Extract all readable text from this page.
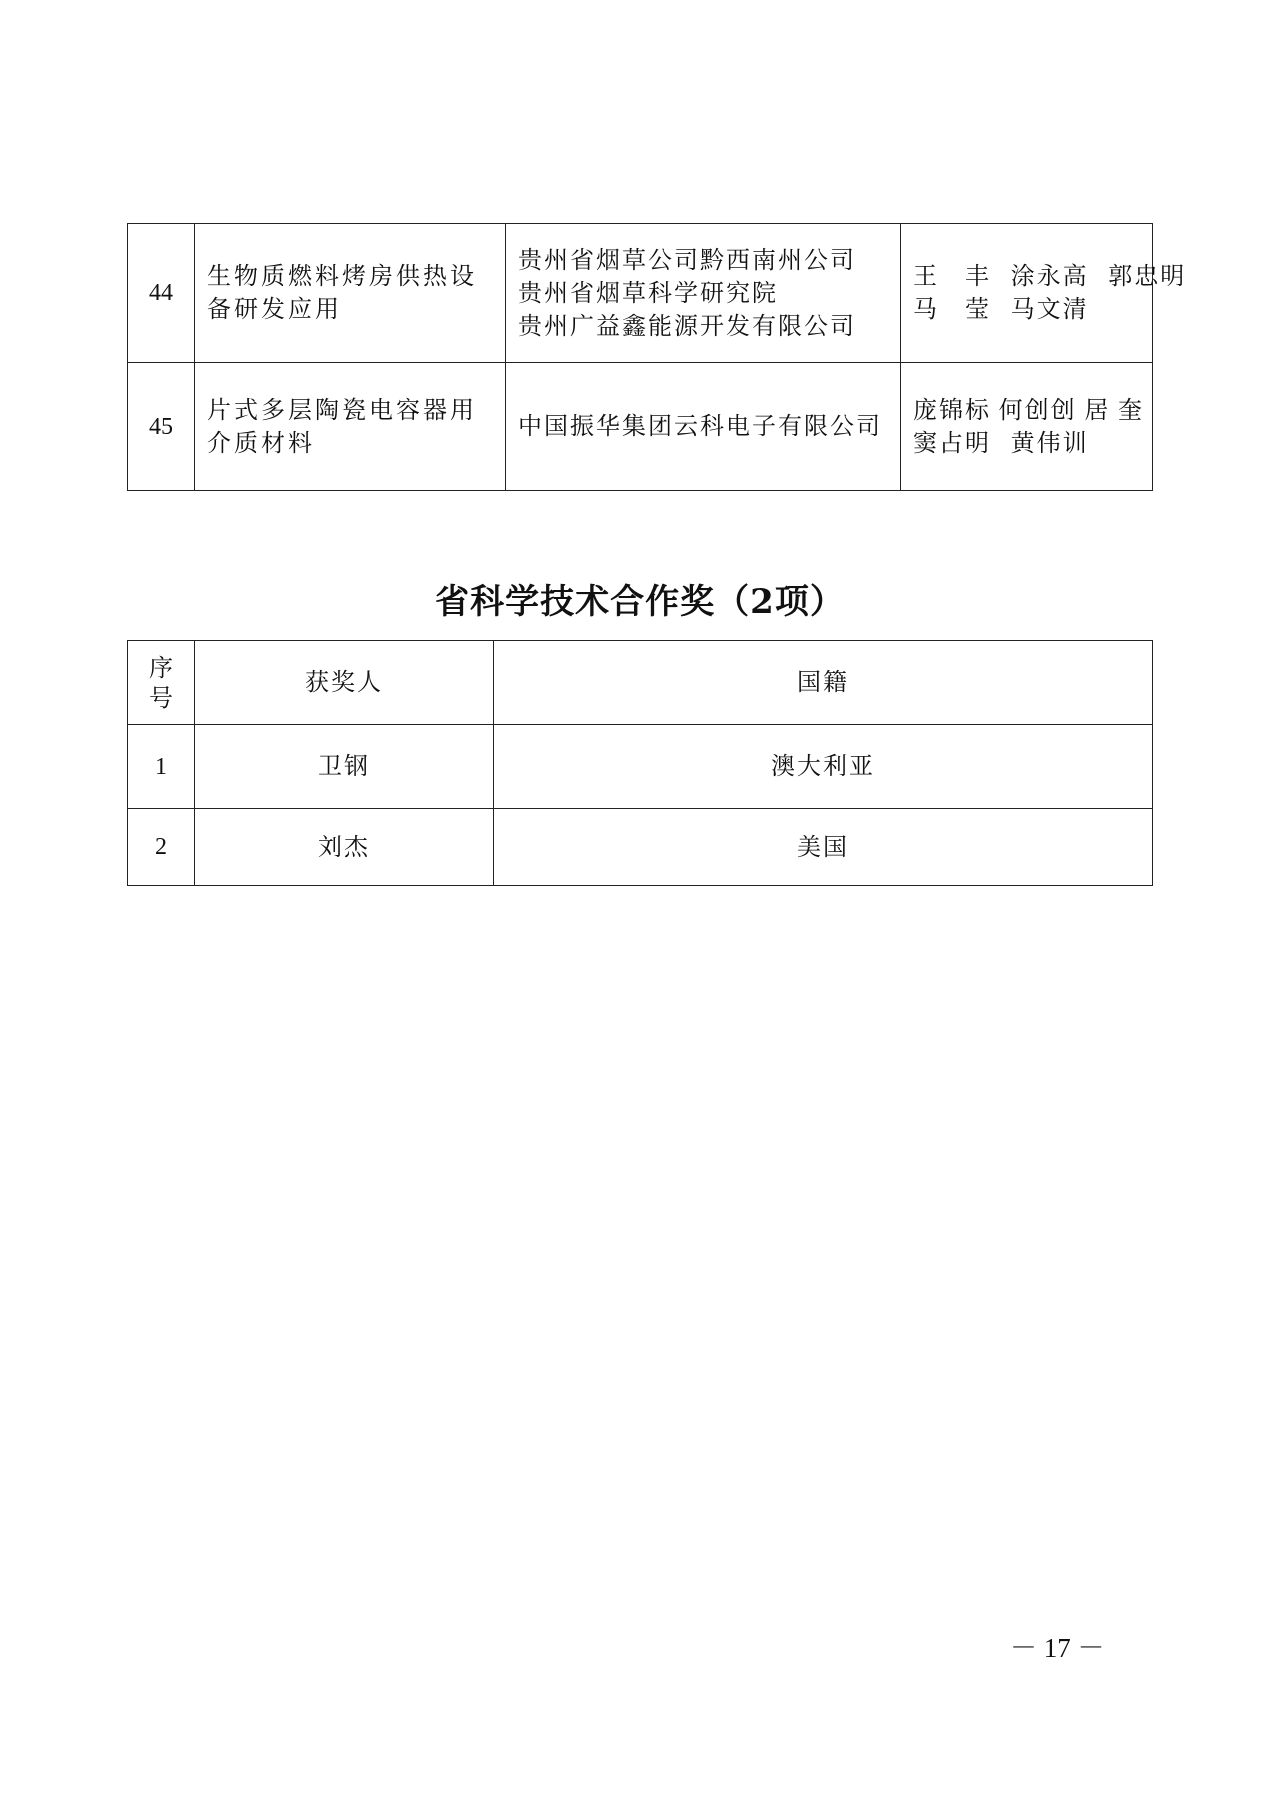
44	生物质燃料烤房供热设
备研发应用	贵州省烟草公司黔西南州公司
贵州省烟草科学研究院
贵州广益鑫能源开发有限公司	王　丰 涂永高 郭忠明
马　莹 马文清

45	片式多层陶瓷电容器用
介质材料	中国振华集团云科电子有限公司	庞锦标 何创创 居 奎
窦占明 黄伟训
省科学技术合作奖（2项）
序
号	获奖人	国籍
1	卫钢	澳大利亚
2	刘杰	美国
－ 17 －
